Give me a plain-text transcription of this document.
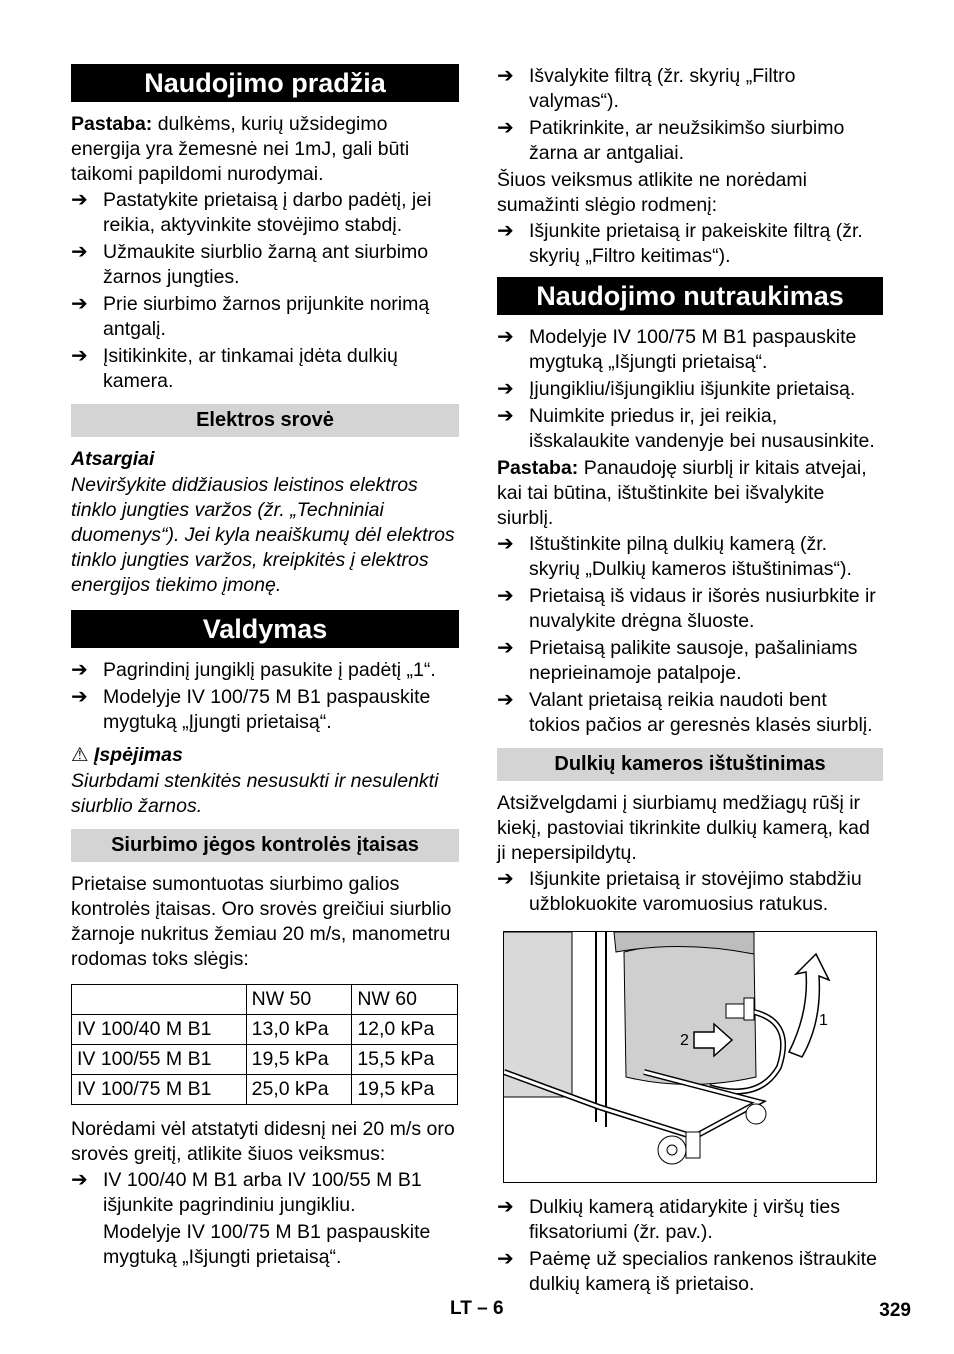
Naudojimo pradžia

Pastaba: dulkėms, kurių užsidegimo energija yra žemesnė nei 1mJ, gali būti taikomi papildomi nurodymai.

➔ Pastatykite prietaisą į darbo padėtį, jei reikia, aktyvinkite stovėjimo stabdį.
➔ Užmaukite siurblio žarną ant siurbimo žarnos jungties.
➔ Prie siurbimo žarnos prijunkite norimą antgalį.
➔ Įsitikinkite, ar tinkamai įdėta dulkių kamera.
Elektros srovė

Atsargiai

Neviršykite didžiausios leistinos elektros tinklo jungties varžos (žr. „Techniniai duomenys“). Jei kyla neaiškumų dėl elektros tinklo jungties varžos, kreipkitės į elektros energijos tiekimo įmonę.

Valdymas
➔ Pagrindinį jungiklį pasukite į padėtį „1“.
➔ Modelyje IV 100/75 M B1 paspauskite mygtuką „Įjungti prietaisą“.

⚠ Įspėjimas

Siurbdami stenkitės nesusukti ir nesulenkti siurblio žarnos.

Siurbimo jėgos kontrolės įtaisas

Prietaise sumontuotas siurbimo galios kontrolės įtaisas. Oro srovės greičiui siurblio žarnoje nukritus žemiau 20 m/s, manometru rodomas toks slėgis:

	NW 50	NW 60
IV 100/40 M B1	13,0 kPa	12,0 kPa
IV 100/55 M B1	19,5 kPa	15,5 kPa
IV 100/75 M B1	25,0 kPa	19,5 kPa

Norėdami vėl atstatyti didesnį nei 20 m/s oro srovės greitį, atlikite šiuos veiksmus:

➔ IV 100/40 M B1 arba IV 100/55 M B1 išjunkite pagrindiniu jungikliu.

Modelyje IV 100/75 M B1 paspauskite mygtuką „Išjungti prietaisą“.

➔ Išvalykite filtrą (žr. skyrių „Filtro valymas“).
➔ Patikrinkite, ar neužsikimšo siurbimo žarna ar antgaliai.

Šiuos veiksmus atlikite ne norėdami sumažinti slėgio rodmenį:

➔ Išjunkite prietaisą ir pakeiskite filtrą (žr. skyrių „Filtro keitimas“).
Naudojimo nutraukimas
➔ Modelyje IV 100/75 M B1 paspauskite mygtuką „Išjungti prietaisą“.
➔ Įjungikliu/išjungikliu išjunkite prietaisą.
➔ Nuimkite priedus ir, jei reikia, išskalaukite vandenyje bei nusausinkite.

Pastaba: Panaudoję siurblį ir kitais atvejai, kai tai būtina, ištuštinkite bei išvalykite siurblį.

➔ Ištuštinkite pilną dulkių kamerą (žr. skyrių „Dulkių kameros ištuštinimas“).
➔ Prietaisą iš vidaus ir išorės nusiurbkite ir nuvalykite drėgna šluoste.
➔ Prietaisą palikite sausoje, pašaliniams neprieinamoje patalpoje.
➔ Valant prietaisą reikia naudoti bent tokios pačios ar geresnės klasės siurblį.
Dulkių kameros ištuštinimas

Atsižvelgdami į siurbiamų medžiagų rūšį ir kiekį, pastoviai tikrinkite dulkių kamerą, kad ji nepersipildytų.

➔ Išjunkite prietaisą ir stovėjimo stabdžiu užblokuokite varomuosius ratukus.
2
1
➔ Dulkių kamerą atidarykite į viršų ties fiksatoriumi (žr. pav.).
➔ Paėmę už specialios rankenos ištraukite dulkių kamerą iš prietaiso.
LT – 6	329
